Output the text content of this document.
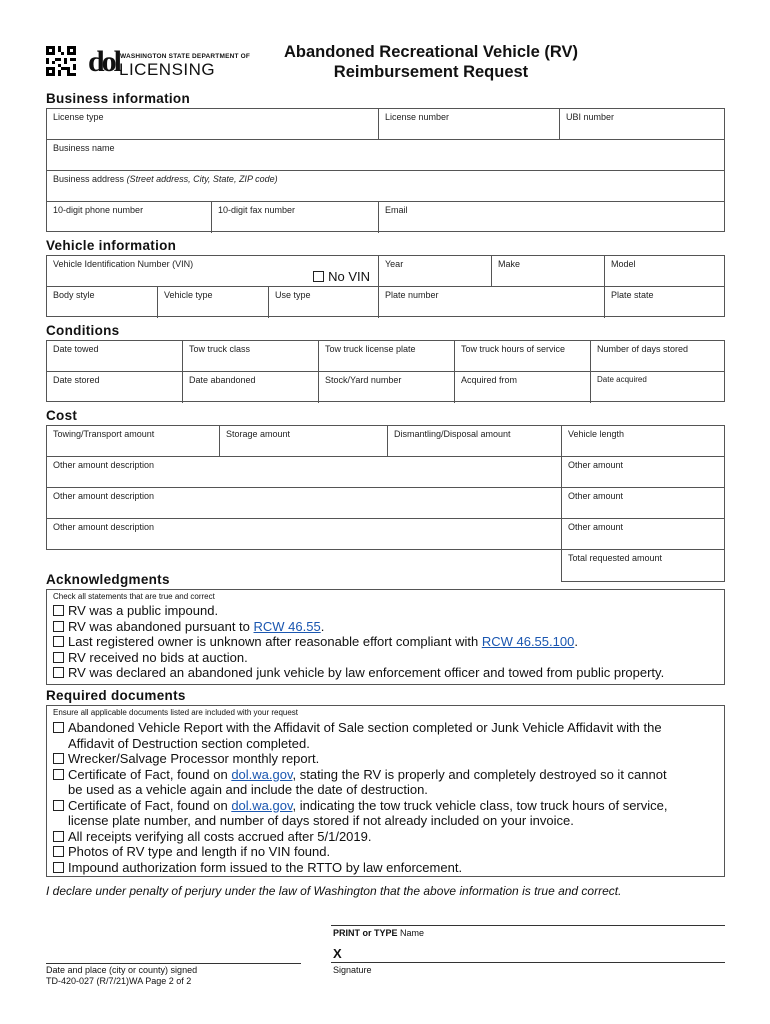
dol WASHINGTON STATE DEPARTMENT OF
LICENSING
Abandoned Recreational Vehicle (RV)
Reimbursement Request
Business information
License type	License number	UBI number
Business name
Business address (Street address, City, State, ZIP code)
10-digit phone number	10-digit fax number	Email
Vehicle information
Vehicle Identification Number (VIN)
No VIN
Year	Make	Model
Body style	Vehicle type	Use type	Plate number	Plate state
Conditions
Date towed	Tow truck class	Tow truck license plate	Tow truck hours of service	Number of days stored
Date stored	Date abandoned	Stock/Yard number	Acquired from	Date acquired
Cost
Towing/Transport amount	Storage amount	Dismantling/Disposal amount	Vehicle length
Other amount description	Other amount
Other amount description	Other amount
Other amount description	Other amount
Total requested amount
Acknowledgments
Check all statements that are true and correct
RV was a public impound.
RV was abandoned pursuant to RCW 46.55.
Last registered owner is unknown after reasonable effort compliant with RCW 46.55.100.
RV received no bids at auction.
RV was declared an abandoned junk vehicle by law enforcement officer and towed from public property.
Required documents
Ensure all applicable documents listed are included with your request
Abandoned Vehicle Report with the Affidavit of Sale section completed or Junk Vehicle Affidavit with the
Affidavit of Destruction section completed.
Wrecker/Salvage Processor monthly report.
Certificate of Fact, found on dol.wa.gov, stating the RV is properly and completely destroyed so it cannot
be used as a vehicle again and include the date of destruction.
Certificate of Fact, found on dol.wa.gov, indicating the tow truck vehicle class, tow truck hours of service,
license plate number, and number of days stored if not already included on your invoice.
All receipts verifying all costs accrued after 5/1/2019.
Photos of RV type and length if no VIN found.
Impound authorization form issued to the RTTO by law enforcement.
I declare under penalty of perjury under the law of Washington that the above information is true and correct.
PRINT or TYPE Name
X
Signature
Date and place (city or county) signed
TD-420-027 (R/7/21)WA Page 2 of 2
